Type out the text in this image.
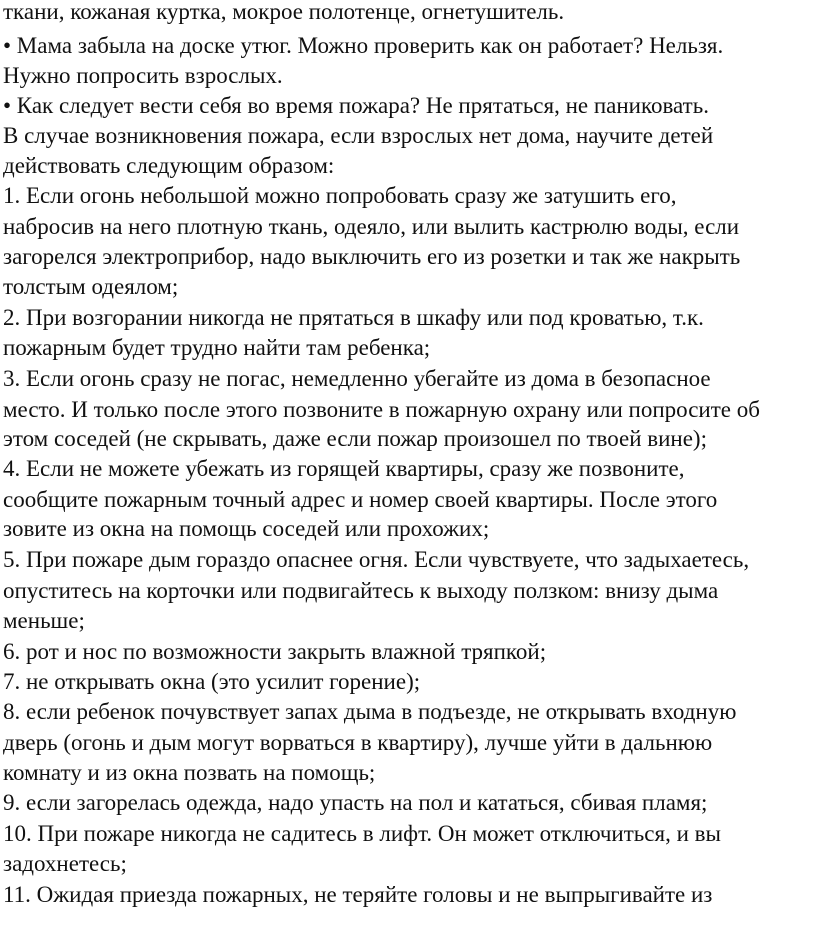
ткани, кожаная куртка, мокрое полотенце, огнетушитель.
• Мама забыла на доске утюг. Можно проверить как он работает? Нельзя.
Нужно попросить взрослых.
• Как следует вести себя во время пожара? Не прятаться, не паниковать.
В случае возникновения пожара, если взрослых нет дома, научите детей
действовать следующим образом:
1. Если огонь небольшой можно попробовать сразу же затушить его,
набросив на него плотную ткань, одеяло, или вылить кастрюлю воды, если
загорелся электроприбор, надо выключить его из розетки и так же накрыть
толстым одеялом;
2. При возгорании никогда не прятаться в шкафу или под кроватью, т.к.
пожарным будет трудно найти там ребенка;
3. Если огонь сразу не погас, немедленно убегайте из дома в безопасное
место. И только после этого позвоните в пожарную охрану или попросите об
этом соседей (не скрывать, даже если пожар произошел по твоей вине);
4. Если не можете убежать из горящей квартиры, сразу же позвоните,
сообщите пожарным точный адрес и номер своей квартиры. После этого
зовите из окна на помощь соседей или прохожих;
5. При пожаре дым гораздо опаснее огня. Если чувствуете, что задыхаетесь,
опуститесь на корточки или подвигайтесь к выходу ползком: внизу дыма
меньше;
6. рот и нос по возможности закрыть влажной тряпкой;
7. не открывать окна (это усилит горение);
8. если ребенок почувствует запах дыма в подъезде, не открывать входную
дверь (огонь и дым могут ворваться в квартиру), лучше уйти в дальнюю
комнату и из окна позвать на помощь;
9. если загорелась одежда, надо упасть на пол и кататься, сбивая пламя;
10. При пожаре никогда не садитесь в лифт. Он может отключиться, и вы
задохнетесь;
11. Ожидая приезда пожарных, не теряйте головы и не выпрыгивайте из
